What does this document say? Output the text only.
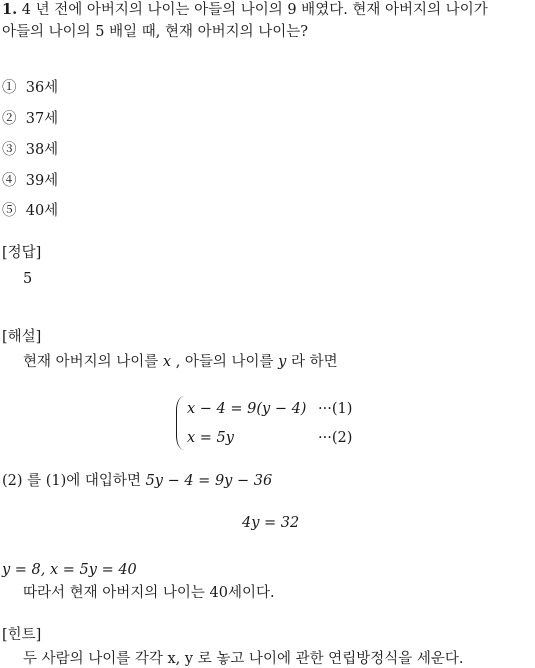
1. 4 년 전에 아버지의 나이는 아들의 나이의 9 배였다. 현재 아버지의 나이가
아들의 나이의 5 배일 때, 현재 아버지의 나이는?
① 36세
② 37세
③ 38세
④ 39세
⑤ 40세
[정답]
5
[해설]
현재 아버지의 나이를 x , 아들의 나이를 y 라 하면
x − 4 = 9(y − 4) ···(1)
x = 5y	···(2)
(2) 를 (1)에 대입하면 5y − 4 = 9y − 36
4y = 32
y = 8, x = 5y = 40
따라서 현재 아버지의 나이는 40세이다.
[힌트]
두 사람의 나이를 각각 x, y 로 놓고 나이에 관한 연립방정식을 세운다.
